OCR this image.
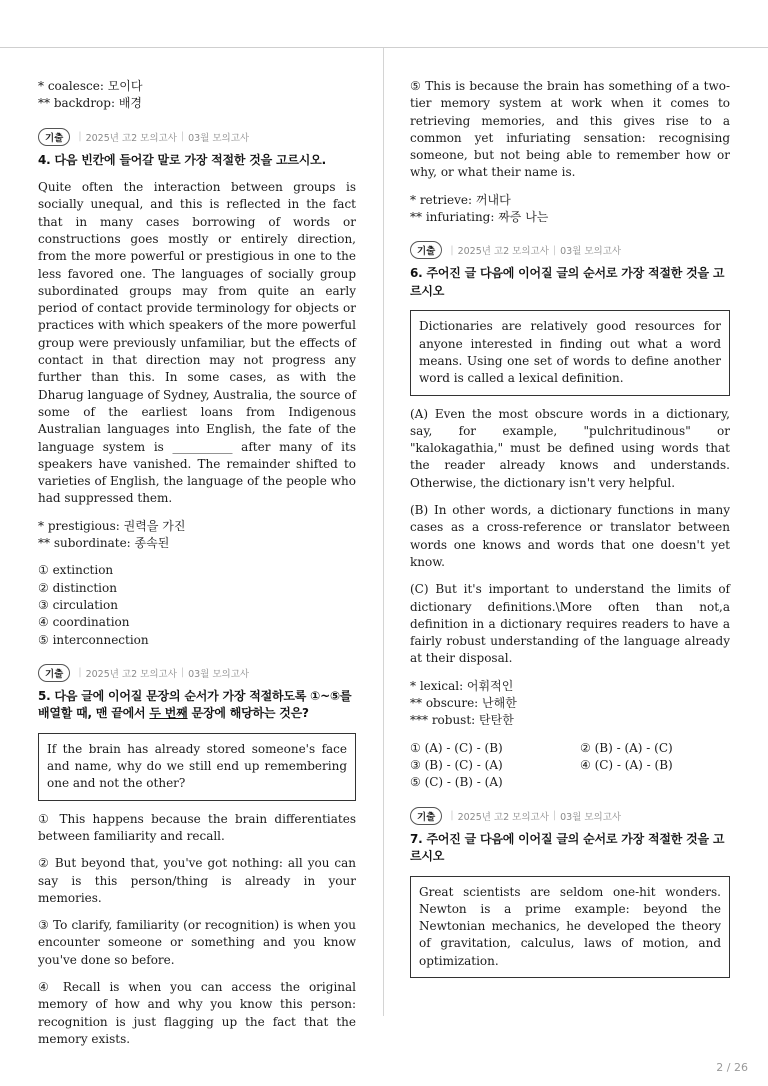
* coalesce: 모이다

** backdrop: 배경

기출	| 2025년 고2 모의고사 | 03월 모의고사

4. 다음 빈칸에 들어갈 말로 가장 적절한 것을 고르시오.

Quite often the interaction between groups is socially unequal, and this is reflected in the fact that in many cases borrowing of words or constructions goes mostly or entirely direction, from the more powerful or prestigious in one to the less favored one. The languages of socially group subordinated groups may from quite an early period of contact provide terminology for objects or practices with which speakers of the more powerful group were previously unfamiliar, but the effects of contact in that direction may not progress any further than this. In some cases, as with the Dharug language of Sydney, Australia, the source of some of the earliest loans from Indigenous Australian languages into English, the fate of the language system is __________ after many of its speakers have vanished. The remainder shifted to varieties of English, the language of the people who had suppressed them.

* prestigious: 권력을 가진

** subordinate: 종속된

① extinction

② distinction

③ circulation

④ coordination

⑤ interconnection

기출	| 2025년 고2 모의고사 | 03월 모의고사

5. 다음 글에 이어질 문장의 순서가 가장 적절하도록 ①~⑤를 배열할 때, 맨 끝에서 두 번째 문장에 해당하는 것은?

If the brain has already stored someone's face and name, why do we still end up remembering one and not the other?

① This happens because the brain differentiates between familiarity and recall.

② But beyond that, you've got nothing: all you can say is this person/thing is already in your memories.

③ To clarify, familiarity (or recognition) is when you encounter someone or something and you know you've done so before.

④ Recall is when you can access the original memory of how and why you know this person: recognition is just flagging up the fact that the memory exists.

⑤ This is because the brain has something of a two-tier memory system at work when it comes to retrieving memories, and this gives rise to a common yet infuriating sensation: recognising someone, but not being able to remember how or why, or what their name is.

* retrieve: 꺼내다

** infuriating: 짜증 나는

기출	| 2025년 고2 모의고사 | 03월 모의고사

6. 주어진 글 다음에 이어질 글의 순서로 가장 적절한 것을 고르시오

Dictionaries are relatively good resources for anyone interested in finding out what a word means. Using one set of words to define another word is called a lexical definition.

(A) Even the most obscure words in a dictionary, say, for example, "pulchritudinous" or "kalokagathia," must be defined using words that the reader already knows and understands. Otherwise, the dictionary isn't very helpful.

(B) In other words, a dictionary functions in many cases as a cross-reference or translator between words one knows and words that one doesn't yet know.

(C) But it's important to understand the limits of dictionary definitions.\More often than not,a definition in a dictionary requires readers to have a fairly robust understanding of the language already at their disposal.

* lexical: 어휘적인

** obscure: 난해한

*** robust: 탄탄한

① (A) - (C) - (B)	② (B) - (A) - (C)
③ (B) - (C) - (A)	④ (C) - (A) - (B)
⑤ (C) - (B) - (A)
기출	| 2025년 고2 모의고사 | 03월 모의고사

7. 주어진 글 다음에 이어질 글의 순서로 가장 적절한 것을 고르시오

Great scientists are seldom one-hit wonders. Newton is a prime example: beyond the Newtonian mechanics, he developed the theory of gravitation, calculus, laws of motion, and optimization.

2 / 26
